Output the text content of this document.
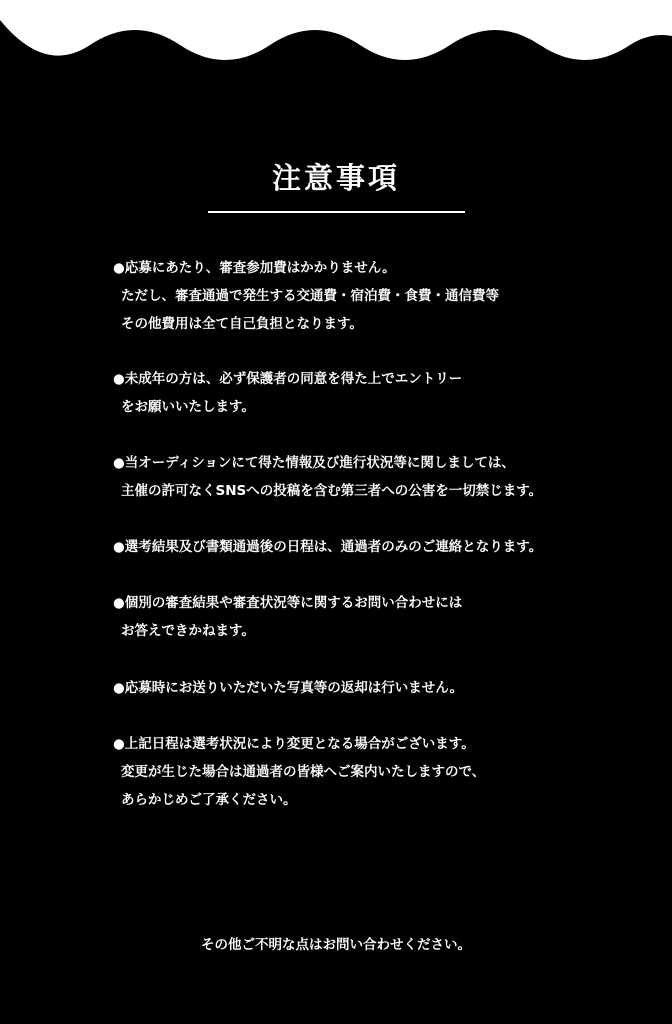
注意事項
●応募にあたり、審査参加費はかかりません。
ただし、審査通過で発生する交通費・宿泊費・食費・通信費等
その他費用は全て自己負担となります。
●未成年の方は、必ず保護者の同意を得た上でエントリー
をお願いいたします。
●当オーディションにて得た情報及び進行状況等に関しましては、
主催の許可なくSNSへの投稿を含む第三者への公害を一切禁じます。
●選考結果及び書類通過後の日程は、通過者のみのご連絡となります。
●個別の審査結果や審査状況等に関するお問い合わせには
お答えできかねます。
●応募時にお送りいただいた写真等の返却は行いません。
●上記日程は選考状況により変更となる場合がございます。
変更が生じた場合は通過者の皆様へご案内いたしますので、
あらかじめご了承ください。

その他ご不明な点はお問い合わせください。
